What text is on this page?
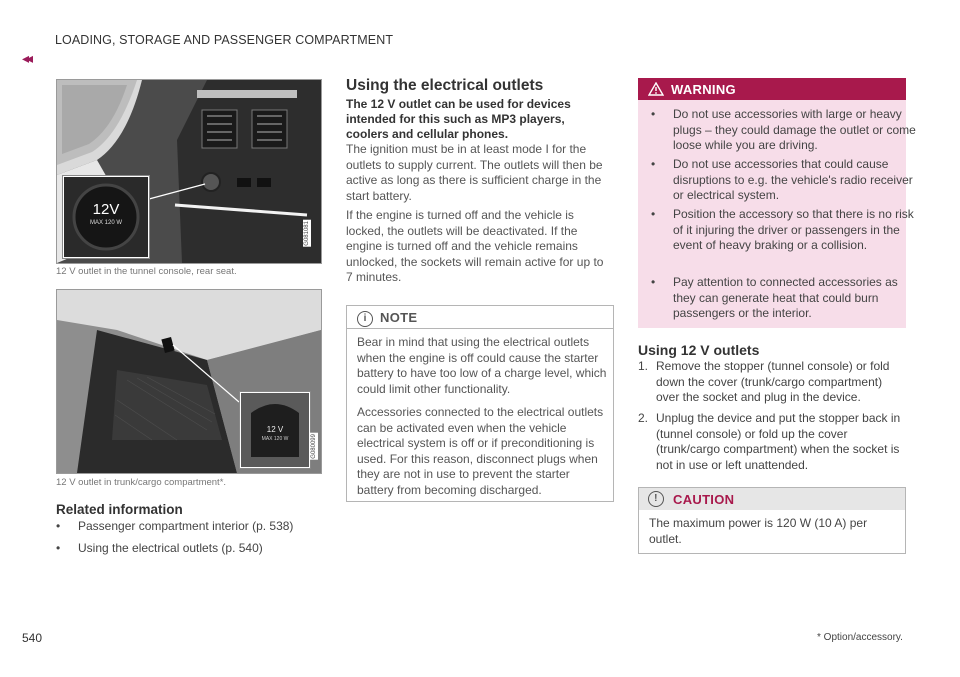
LOADING, STORAGE AND PASSENGER COMPARTMENT
◂◂
12V
MAX 120 W	G081081
12 V outlet in the tunnel console, rear seat.
12 V
MAX 120 W	G080099
12 V outlet in trunk/cargo compartment*.
Related information
• Passenger compartment interior (p. 538)
• Using the electrical outlets (p. 540)
Using the electrical outlets
The 12 V outlet can be used for devices intended for this such as MP3 players, coolers and cellular phones.
The ignition must be in at least mode I for the outlets to supply current. The outlets will then be active as long as there is sufficient charge in the start battery.
If the engine is turned off and the vehicle is locked, the outlets will be deactivated. If the engine is turned off and the vehicle remains unlocked, the sockets will remain active for up to 7 minutes.
i	NOTE

Bear in mind that using the electrical outlets when the engine is off could cause the starter battery to have too low of a charge level, which could limit other functionality.

Accessories connected to the electrical outlets can be activated even when the vehicle electrical system is off or if preconditioning is used. For this reason, disconnect plugs when they are not in use to prevent the starter battery from becoming discharged.

WARNING
• Do not use accessories with large or heavy plugs – they could damage the outlet or come loose while you are driving.
• Do not use accessories that could cause disruptions to e.g. the vehicle's radio receiver or electrical system.
• Position the accessory so that there is no risk of it injuring the driver or passengers in the event of heavy braking or a collision.
• Pay attention to connected accessories as they can generate heat that could burn passengers or the interior.
Using 12 V outlets
1. Remove the stopper (tunnel console) or fold down the cover (trunk/cargo compartment) over the socket and plug in the device.
2. Unplug the device and put the stopper back in (tunnel console) or fold up the cover (trunk/cargo compartment) when the socket is not in use or left unattended.
!	CAUTION
The maximum power is 120 W (10 A) per outlet.
540	* Option/accessory.
